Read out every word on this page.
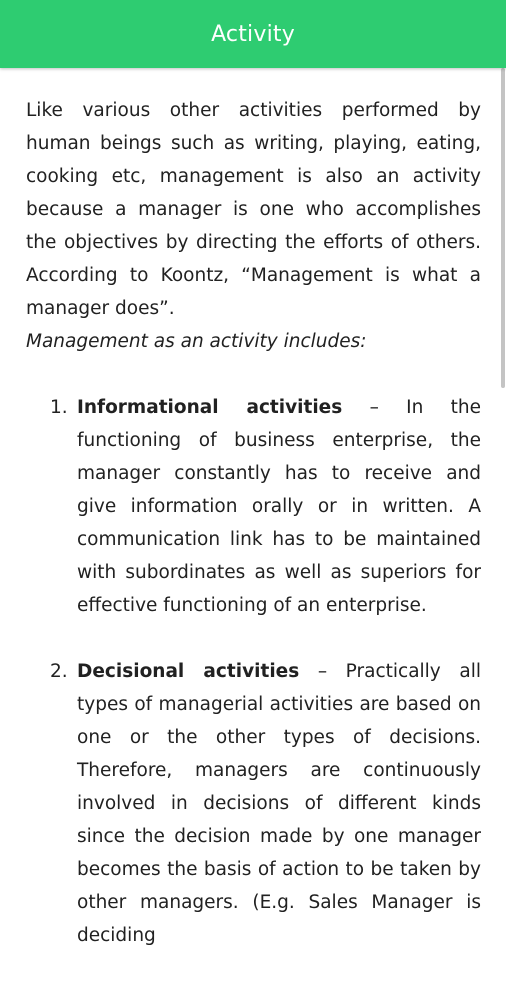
Activity

Like various other activities performed by human beings such as writing, playing, eating, cooking etc, management is also an activity because a manager is one who accomplishes the objectives by directing the efforts of others. According to Koontz, “Management is what a manager does”.

Management as an activity includes:

1. Informational activities – In the functioning of business enterprise, the manager constantly has to receive and give information orally or in written. A communication link has to be maintained with subordinates as well as superiors for effective functioning of an enterprise.
2. Decisional activities – Practically all types of managerial activities are based on one or the other types of decisions. Therefore, managers are continuously involved in decisions of different kinds since the decision made by one manager becomes the basis of action to be taken by other managers. (E.g. Sales Manager is deciding
